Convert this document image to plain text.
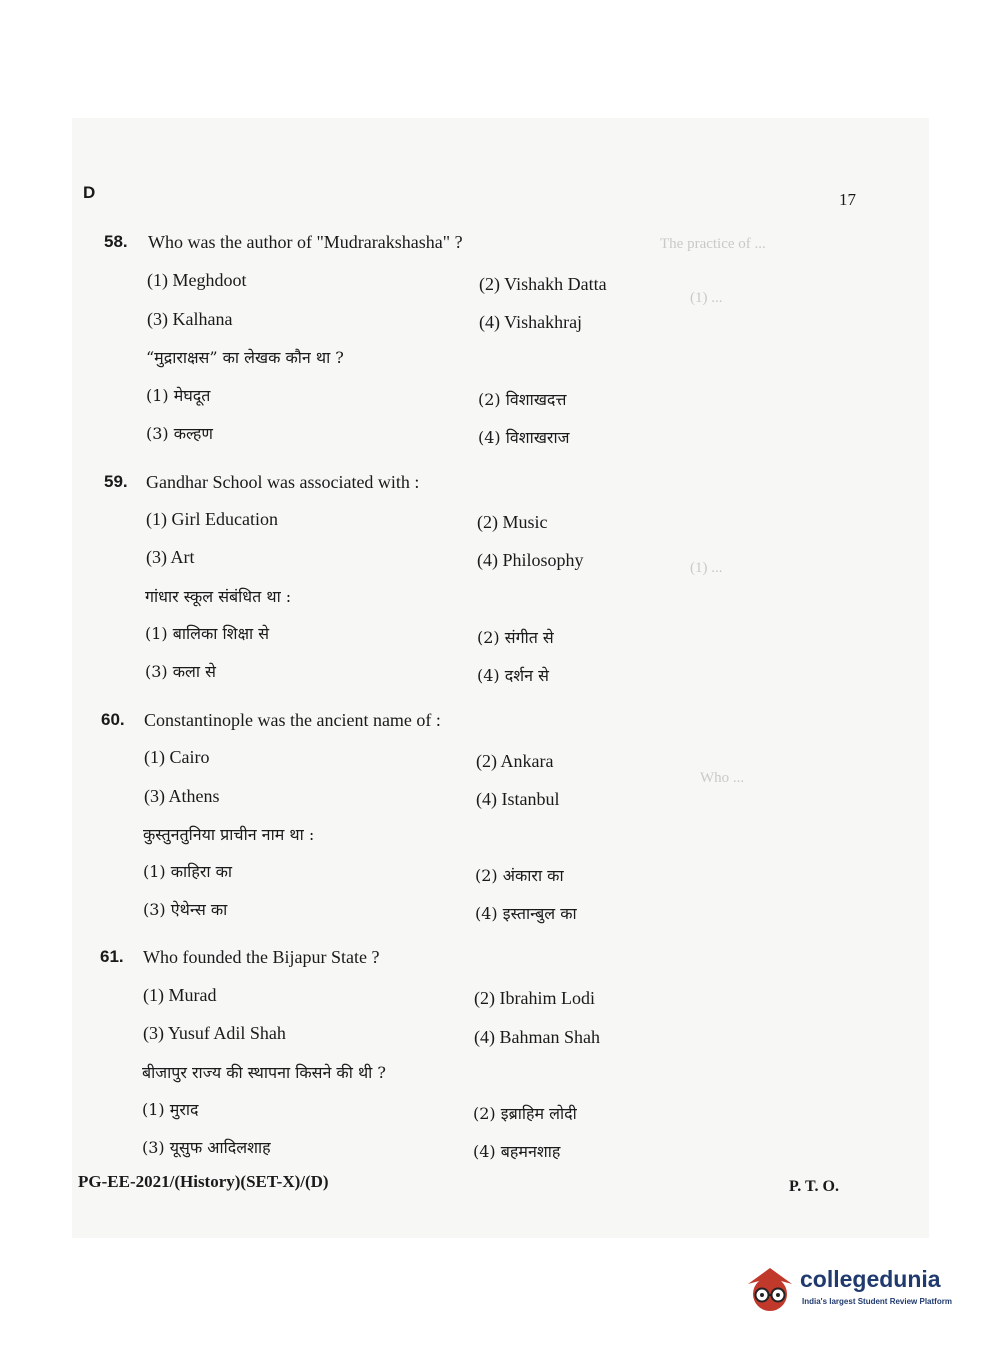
D	17
The practice of ...
(1) ...
(1) ...
Who ...
58. Who was the author of "Mudrarakshasha" ?
(1) Meghdoot	(2) Vishakh Datta
(3) Kalhana	(4) Vishakhraj
“मुद्राराक्षस” का लेखक कौन था ?
(1) मेघदूत	(2) विशाखदत्त
(3) कल्हण	(4) विशाखराज
59. Gandhar School was associated with :
(1) Girl Education	(2) Music
(3) Art	(4) Philosophy
गांधार स्कूल संबंधित था :
(1) बालिका शिक्षा से	(2) संगीत से
(3) कला से	(4) दर्शन से
60. Constantinople was the ancient name of :
(1) Cairo	(2) Ankara
(3) Athens	(4) Istanbul
कुस्तुनतुनिया प्राचीन नाम था :
(1) काहिरा का	(2) अंकारा का
(3) ऐथेन्स का	(4) इस्तान्बुल का
61. Who founded the Bijapur State ?
(1) Murad	(2) Ibrahim Lodi
(3) Yusuf Adil Shah	(4) Bahman Shah
बीजापुर राज्य की स्थापना किसने की थी ?
(1) मुराद	(2) इब्राहिम लोदी
(3) यूसुफ आदिलशाह	(4) बहमनशाह
PG-EE-2021/(History)(SET-X)/(D)	P. T. O.
collegedunia
India's largest Student Review Platform
